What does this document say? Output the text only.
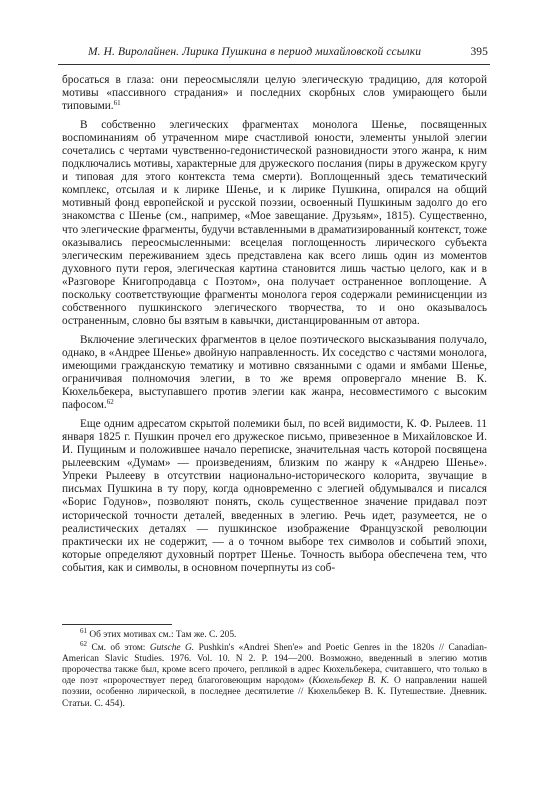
М. Н. Виролайнен. Лирика Пушкина в период михайловской ссылки	395

бросаться в глаза: они переосмысляли целую элегическую традицию, для которой мотивы «пассивного страдания» и последних скорбных слов умирающего были типовыми.$^{61}$

В собственно элегических фрагментах монолога Шенье, посвященных воспоминаниям об утраченном мире счастливой юности, элементы унылой элегии сочетались с чертами чувственно-гедонистической разновидности этого жанра, к ним подключались мотивы, характерные для дружеского послания (пиры в дружеском кругу и типовая для этого контекста тема смерти). Воплощенный здесь тематический комплекс, отсылая и к лирике Шенье, и к лирике Пушкина, опирался на общий мотивный фонд европейской и русской поэзии, освоенный Пушкиным задолго до его знакомства с Шенье (см., например, «Мое завещание. Друзьям», 1815). Существенно, что элегические фрагменты, будучи вставленными в драматизированный контекст, тоже оказывались переосмысленными: всецелая поглощенность лирического субъекта элегическим переживанием здесь представлена как всего лишь один из моментов духовного пути героя, элегическая картина становится лишь частью целого, как и в «Разговоре Книгопродавца с Поэтом», она получает остраненное воплощение. А поскольку соответствующие фрагменты монолога героя содержали реминисценции из собственного пушкинского элегического творчества, то и оно оказывалось остраненным, словно бы взятым в кавычки, дистанцированным от автора.

Включение элегических фрагментов в целое поэтического высказывания получало, однако, в «Андрее Шенье» двойную направленность. Их соседство с частями монолога, имеющими гражданскую тематику и мотивно связанными с одами и ямбами Шенье, ограничивая полномочия элегии, в то же время опровергало мнение В. К. Кюхельбекера, выступавшего против элегии как жанра, несовместимого с высоким пафосом.$^{62}$

Еще одним адресатом скрытой полемики был, по всей видимости, К. Ф. Рылеев. 11 января 1825 г. Пушкин прочел его дружеское письмо, привезенное в Михайловское И. И. Пущиным и положившее начало переписке, значительная часть которой посвящена рылеевским «Думам» — произведениям, близким по жанру к «Андрею Шенье». Упреки Рылееву в отсутствии национально-исторического колорита, звучащие в письмах Пушкина в ту пору, когда одновременно с элегией обдумывался и писался «Борис Годунов», позволяют понять, сколь существенное значение придавал поэт исторической точности деталей, введенных в элегию. Речь идет, разумеется, не о реалистических деталях — пушкинское изображение Французской революции практически их не содержит, — а о точном выборе тех символов и событий эпохи, которые определяют духовный портрет Шенье. Точность выбора обеспечена тем, что события, как и символы, в основном почерпнуты из соб-

$^{61}$ Об этих мотивах см.: Там же. С. 205.

$^{62}$ См. об этом: Gutsche G. Pushkin's «Andrei Shen'e» and Poetic Genres in the 1820s // Canadian-American Slavic Studies. 1976. Vol. 10. N 2. P. 194—200. Возможно, введенный в элегию мотив пророчества также был, кроме всего прочего, репликой в адрес Кюхельбекера, считавшего, что только в оде поэт «пророчествует перед благоговеющим народом» (Кюхельбекер В. К. О направлении нашей поэзии, особенно лирической, в последнее десятилетие // Кюхельбекер В. К. Путешествие. Дневник. Статьи. С. 454).
